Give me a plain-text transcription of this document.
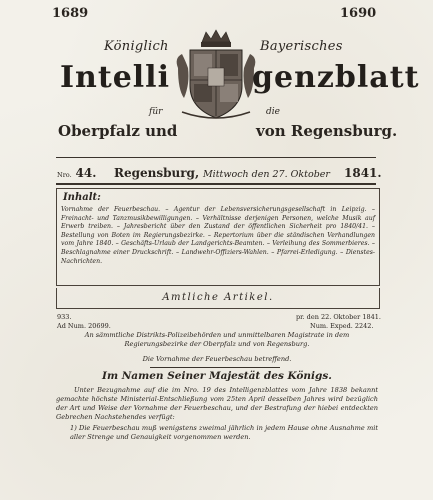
1689	1690
Königlich	Bayerisches
Intelli	genzblatt
für	die
Oberpfalz und	von Regensburg.
Nro. 44. Regensburg, Mittwoch den 27. Oktober 1841.
Inhalt:
Vornahme der Feuerbeschau. – Agentur der Lebensversicherungsgesellschaft in Leipzig. – Freinacht- und Tanzmusikbewilligungen. – Verhältnisse derjenigen Personen, welche Musik auf Erwerb treiben. – Jahresbericht über den Zustand der öffentlichen Sicherheit pro 1840/41. – Bestellung von Boten im Regierungsbezirke. – Repertorium über die ständischen Verhandlungen vom Jahre 1840. – Geschäfts-Urlaub der Landgerichts-Beamten. – Verleihung des Sommerbieres. – Beschlagnahme einer Druckschrift. – Landwehr-Offiziers-Wahlen. – Pfarrei-Erledigung. – Dienstes-Nachrichten.
Amtliche Artikel.
933.	pr. den 22. Oktober 1841.
Ad Num. 20699.	Num. Exped. 2242.
An sämmtliche Distrikts-Polizeibehörden und unmittelbaren Magistrate in dem Regierungsbezirke der Oberpfalz und von Regensburg.
Die Vornahme der Feuerbeschau betreffend.
Im Namen Seiner Majestät des Königs.
Unter Bezugnahme auf die im Nro. 19 des Intelligenzblattes vom Jahre 1838 bekannt gemachte höchste Ministerial-Entschließung vom 25ten April desselben Jahres wird bezüglich der Art und Weise der Vornahme der Feuerbeschau, und der Bestrafung der hiebei entdeckten Gebrechen Nachstehendes verfügt:
1) Die Feuerbeschau muß wenigstens zweimal jährlich in jedem Hause ohne Ausnahme mit aller Strenge und Genauigkeit vorgenommen werden.
